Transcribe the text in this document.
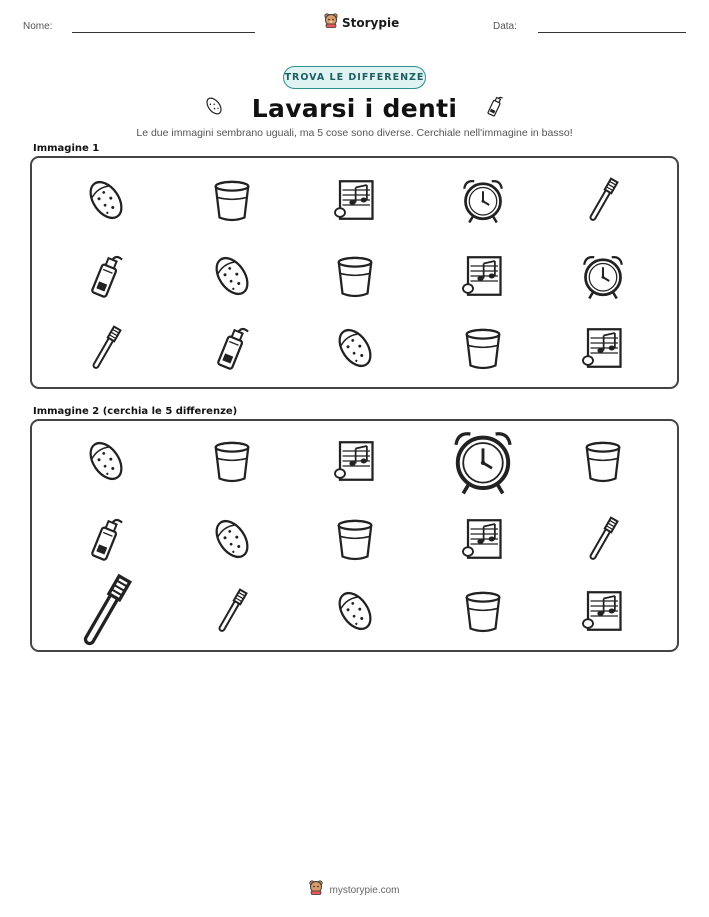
Nome:	Storypie	Data:
TROVA LE DIFFERENZE
Lavarsi i denti
Le due immagini sembrano uguali, ma 5 cose sono diverse. Cerchiale nell'immagine in basso!
Immagine 1
Immagine 2 (cerchia le 5 differenze)
mystorypie.com
